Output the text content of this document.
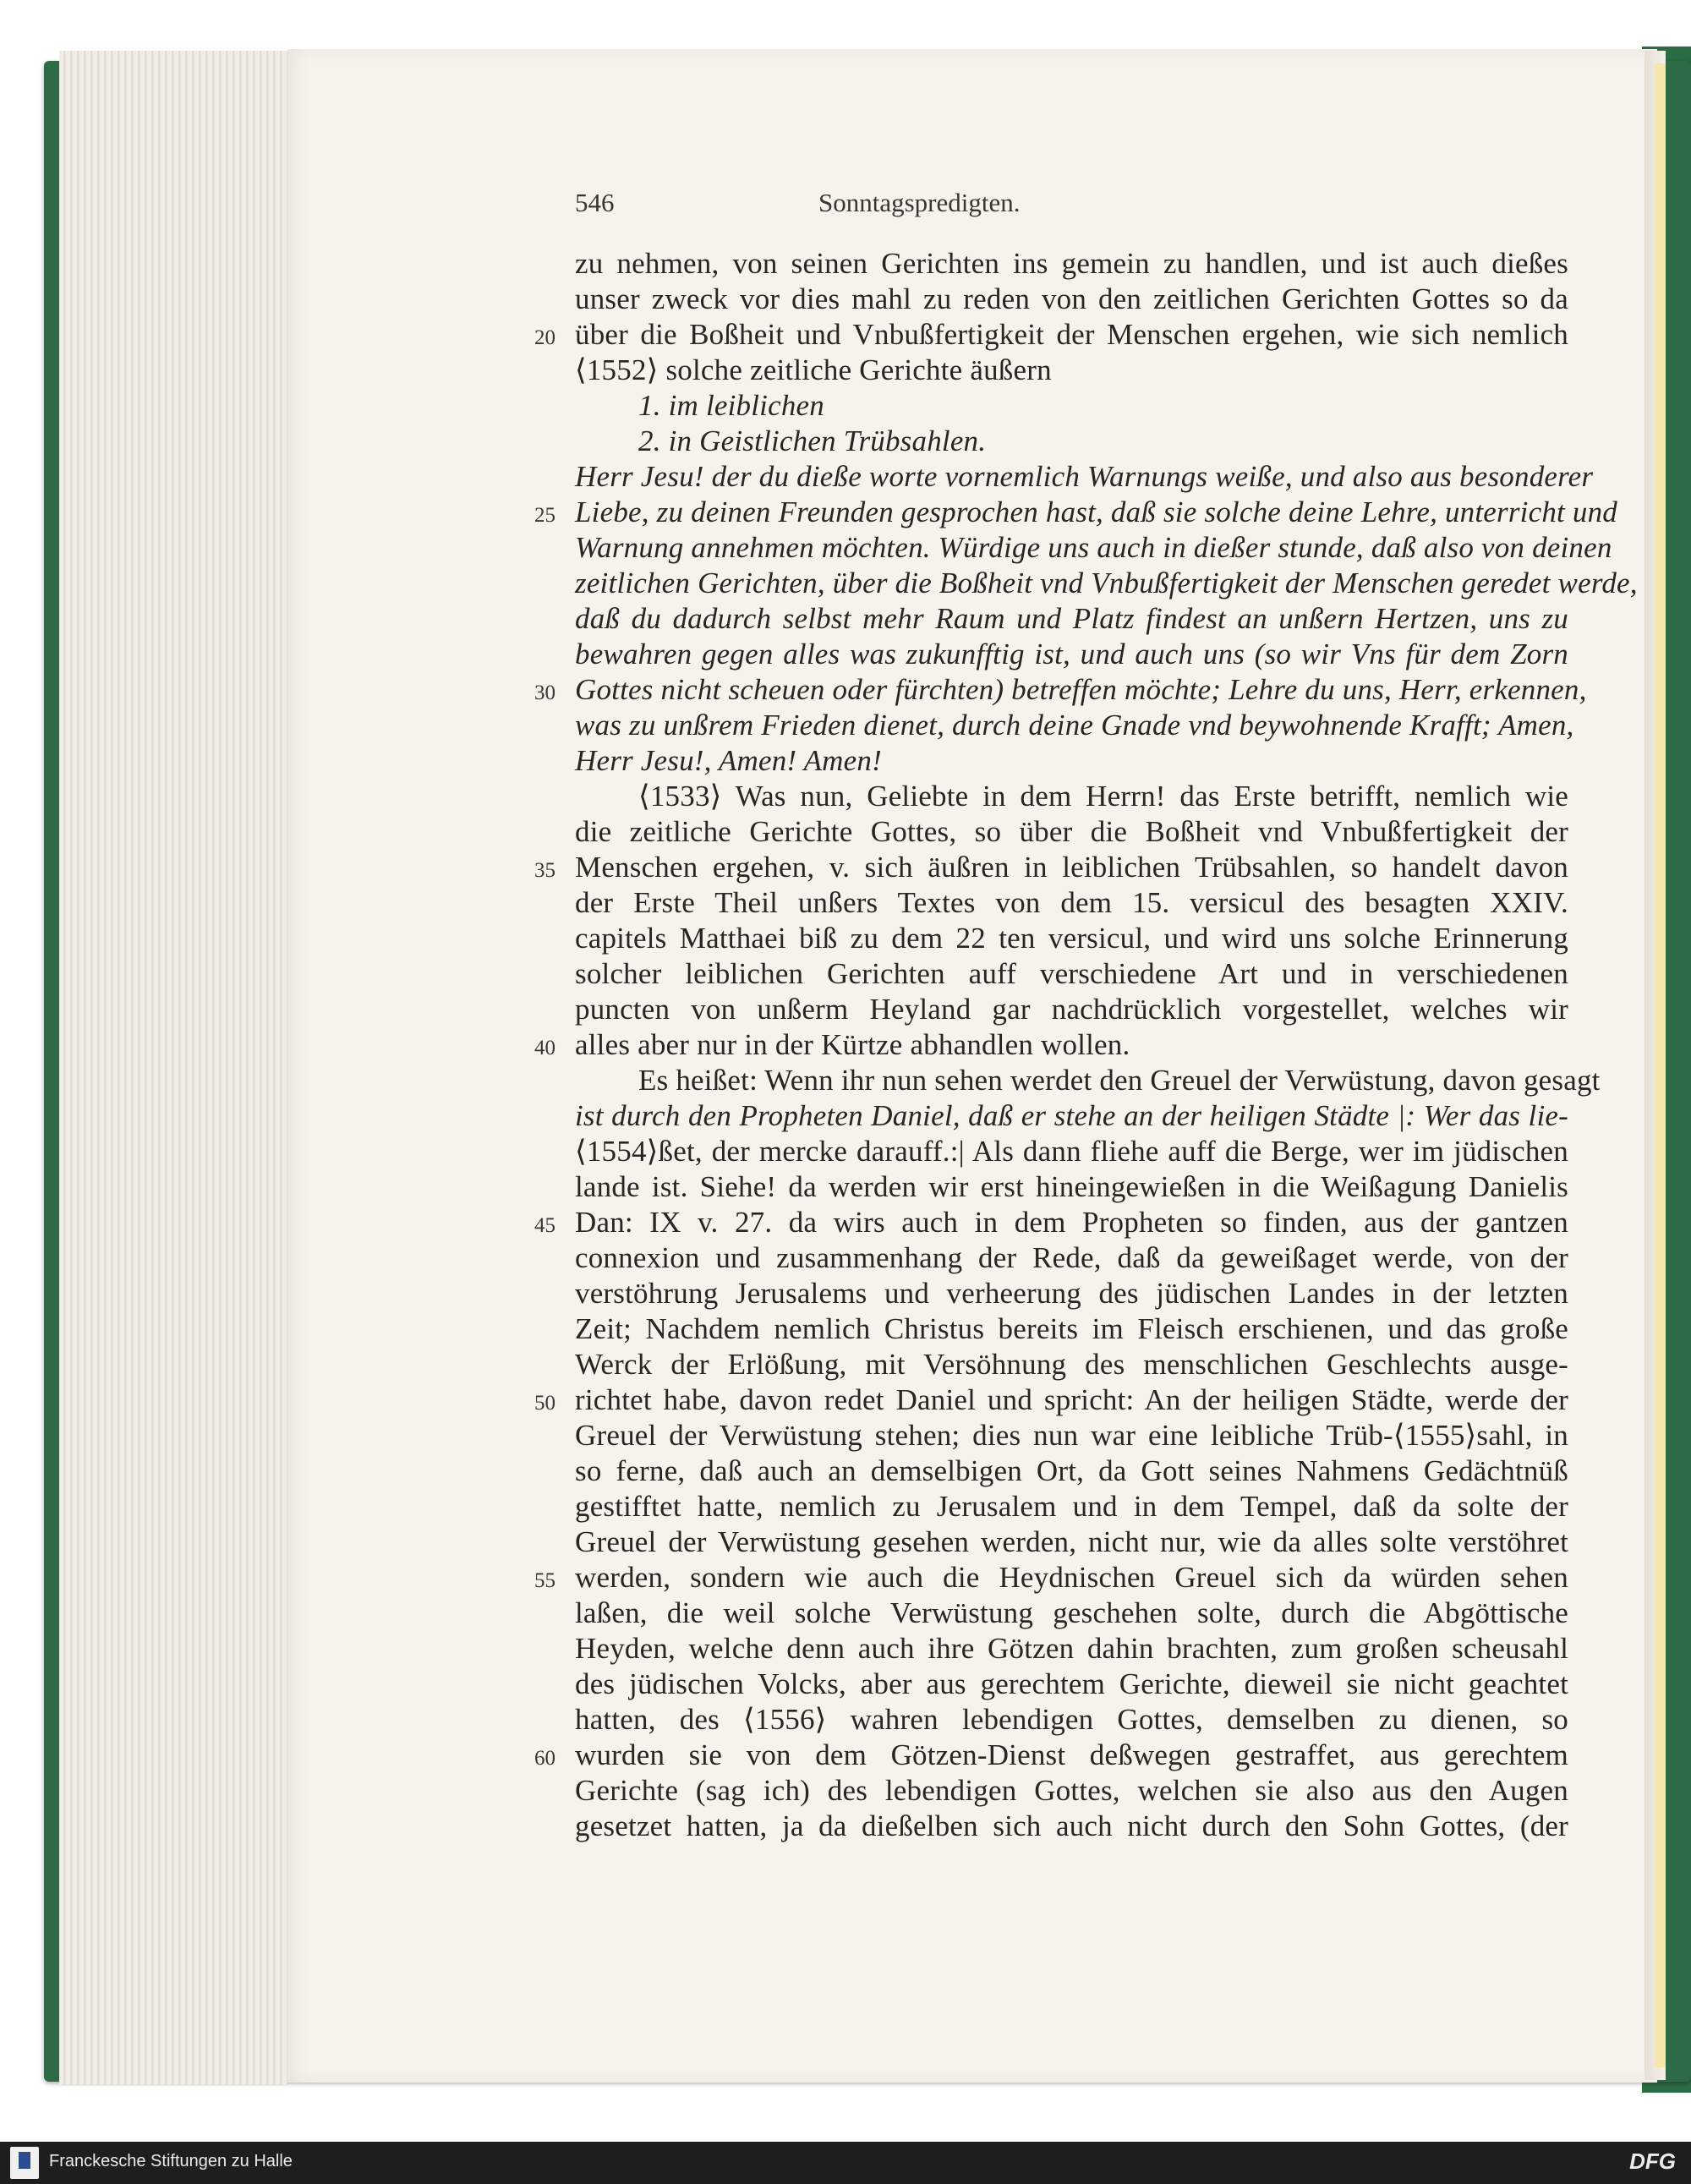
546	Sonntagspredigten.
zu nehmen, von seinen Gerichten ins gemein zu handlen, und ist auch dießes
unser zweck vor dies mahl zu reden von den zeitlichen Gerichten Gottes so da
über die Boßheit und Vnbußfertigkeit der Menschen ergehen, wie sich nemlich
⟨1552⟩ solche zeitliche Gerichte äußern
1. im leiblichen
2. in Geistlichen Trübsahlen.
Herr Jesu! der du dieße worte vornemlich Warnungs weiße, und also aus besonderer
Liebe, zu deinen Freunden gesprochen hast, daß sie solche deine Lehre, unterricht und
Warnung annehmen möchten. Würdige uns auch in dießer stunde, daß also von deinen
zeitlichen Gerichten, über die Boßheit vnd Vnbußfertigkeit der Menschen geredet werde,
daß du dadurch selbst mehr Raum und Platz findest an unßern Hertzen, uns zu
bewahren gegen alles was zukunfftig ist, und auch uns (so wir Vns für dem Zorn
Gottes nicht scheuen oder fürchten) betreffen möchte; Lehre du uns, Herr, erkennen,
was zu unßrem Frieden dienet, durch deine Gnade vnd beywohnende Krafft; Amen,
Herr Jesu!, Amen! Amen!
⟨1533⟩ Was nun, Geliebte in dem Herrn! das Erste betrifft, nemlich wie
die zeitliche Gerichte Gottes, so über die Boßheit vnd Vnbußfertigkeit der
Menschen ergehen, v. sich äußren in leiblichen Trübsahlen, so handelt davon
der Erste Theil unßers Textes von dem 15. versicul des besagten XXIV.
capitels Matthaei biß zu dem 22 ten versicul, und wird uns solche Erinnerung
solcher leiblichen Gerichten auff verschiedene Art und in verschiedenen
puncten von unßerm Heyland gar nachdrücklich vorgestellet, welches wir
alles aber nur in der Kürtze abhandlen wollen.
Es heißet: Wenn ihr nun sehen werdet den Greuel der Verwüstung, davon gesagt
ist durch den Propheten Daniel, daß er stehe an der heiligen Städte |: Wer das lie-
⟨1554⟩ßet, der mercke darauff.:| Als dann fliehe auff die Berge, wer im jüdischen
lande ist. Siehe! da werden wir erst hineingewießen in die Weißagung Danielis
Dan: IX v. 27. da wirs auch in dem Propheten so finden, aus der gantzen
connexion und zusammenhang der Rede, daß da geweißaget werde, von der
verstöhrung Jerusalems und verheerung des jüdischen Landes in der letzten
Zeit; Nachdem nemlich Christus bereits im Fleisch erschienen, und das große
Werck der Erlößung, mit Versöhnung des menschlichen Geschlechts ausge-
richtet habe, davon redet Daniel und spricht: An der heiligen Städte, werde der
Greuel der Verwüstung stehen; dies nun war eine leibliche Trüb-⟨1555⟩sahl, in
so ferne, daß auch an demselbigen Ort, da Gott seines Nahmens Gedächtnüß
gestifftet hatte, nemlich zu Jerusalem und in dem Tempel, daß da solte der
Greuel der Verwüstung gesehen werden, nicht nur, wie da alles solte verstöhret
werden, sondern wie auch die Heydnischen Greuel sich da würden sehen
laßen, die weil solche Verwüstung geschehen solte, durch die Abgöttische
Heyden, welche denn auch ihre Götzen dahin brachten, zum großen scheusahl
des jüdischen Volcks, aber aus gerechtem Gerichte, dieweil sie nicht geachtet
hatten, des ⟨1556⟩ wahren lebendigen Gottes, demselben zu dienen, so
wurden sie von dem Götzen-Dienst deßwegen gestraffet, aus gerechtem
Gerichte (sag ich) des lebendigen Gottes, welchen sie also aus den Augen
gesetzet hatten, ja da dießelben sich auch nicht durch den Sohn Gottes, (der
20
25
30
35
40
45
50
55
60
Franckesche Stiftungen zu Halle	DFG
